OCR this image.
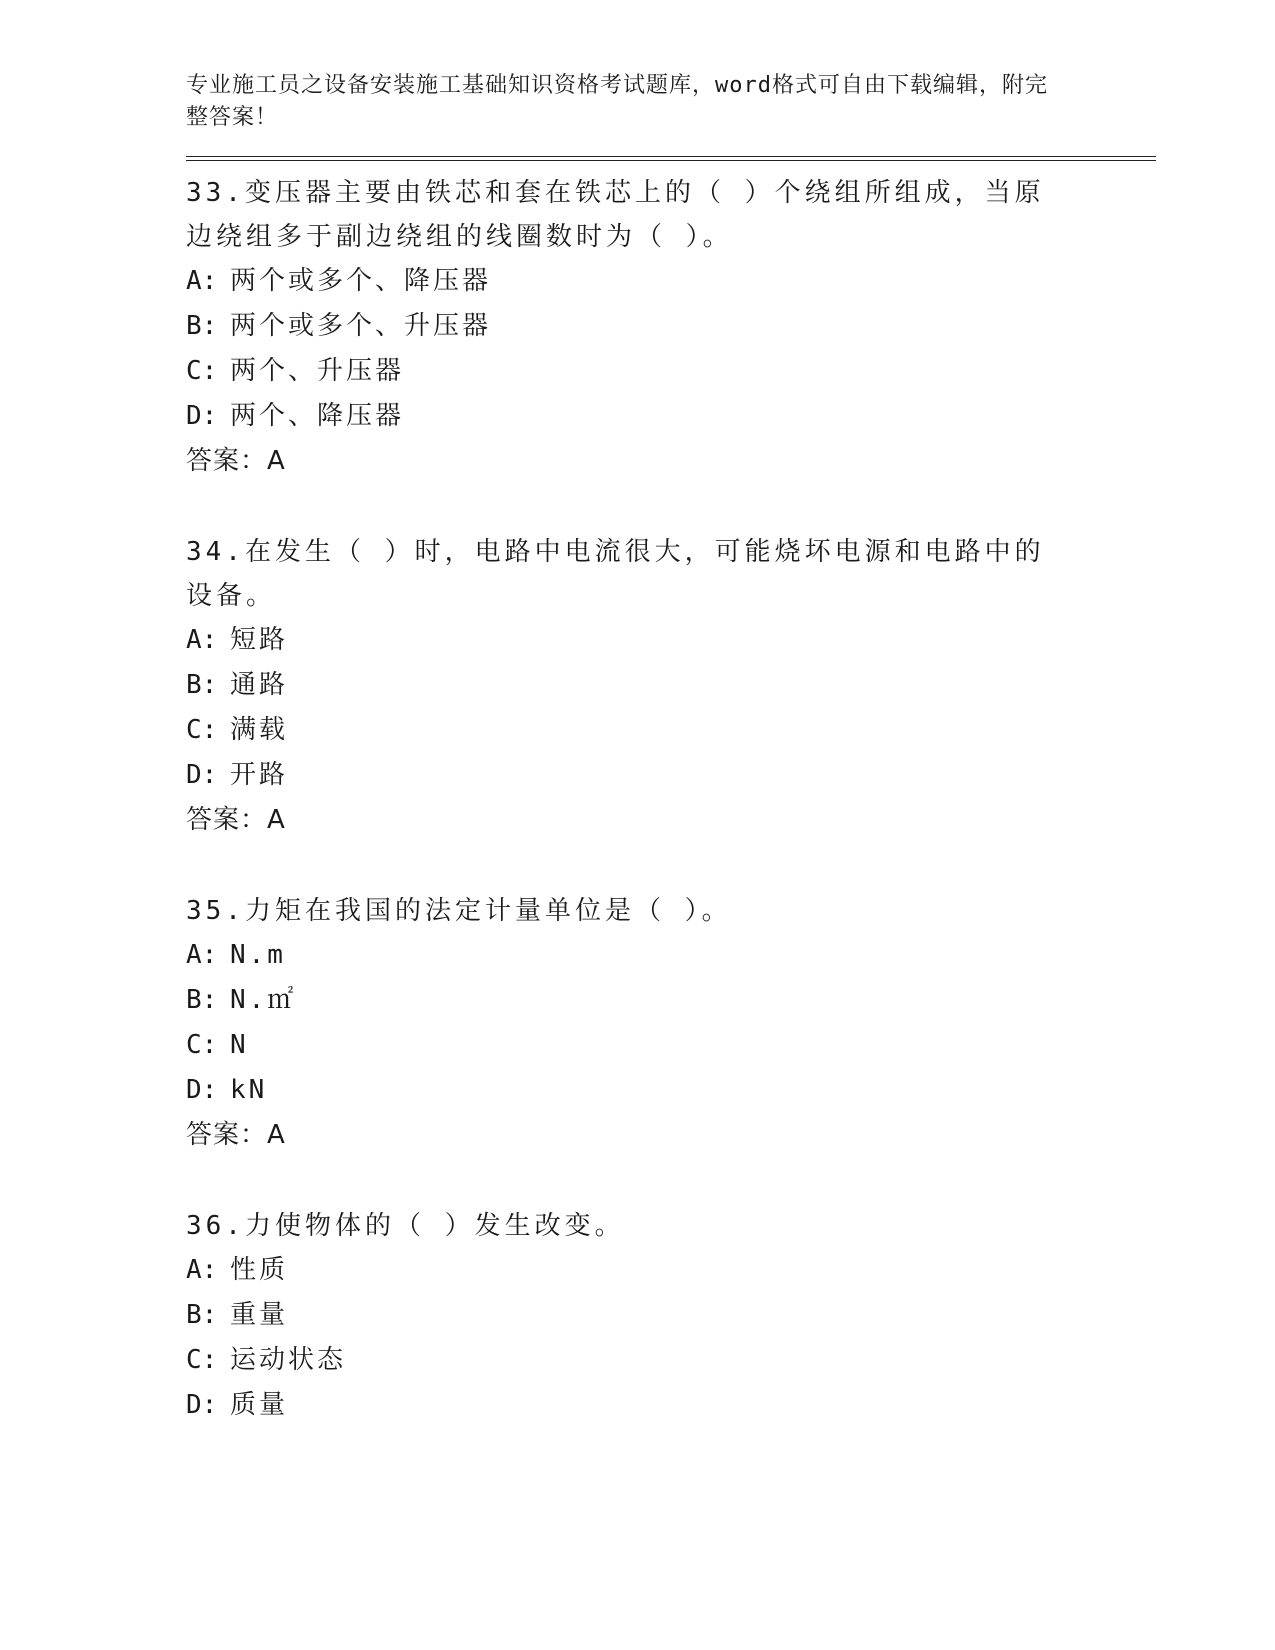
专业施工员之设备安装施工基础知识资格考试题库，word格式可自由下载编辑，附完整答案！

33.变压器主要由铁芯和套在铁芯上的（ ）个绕组所组成，当原边绕组多于副边绕组的线圈数时为（ ）。

A: 两个或多个、降压器

B: 两个或多个、升压器

C: 两个、升压器

D: 两个、降压器

答案：A

34.在发生（ ）时，电路中电流很大，可能烧坏电源和电路中的设备。

A: 短路

B: 通路

C: 满载

D: 开路

答案：A

35.力矩在我国的法定计量单位是（ ）。

A: N.m

B: N.㎡

C: N

D: kN

答案：A

36.力使物体的（ ）发生改变。

A: 性质

B: 重量

C: 运动状态

D: 质量
